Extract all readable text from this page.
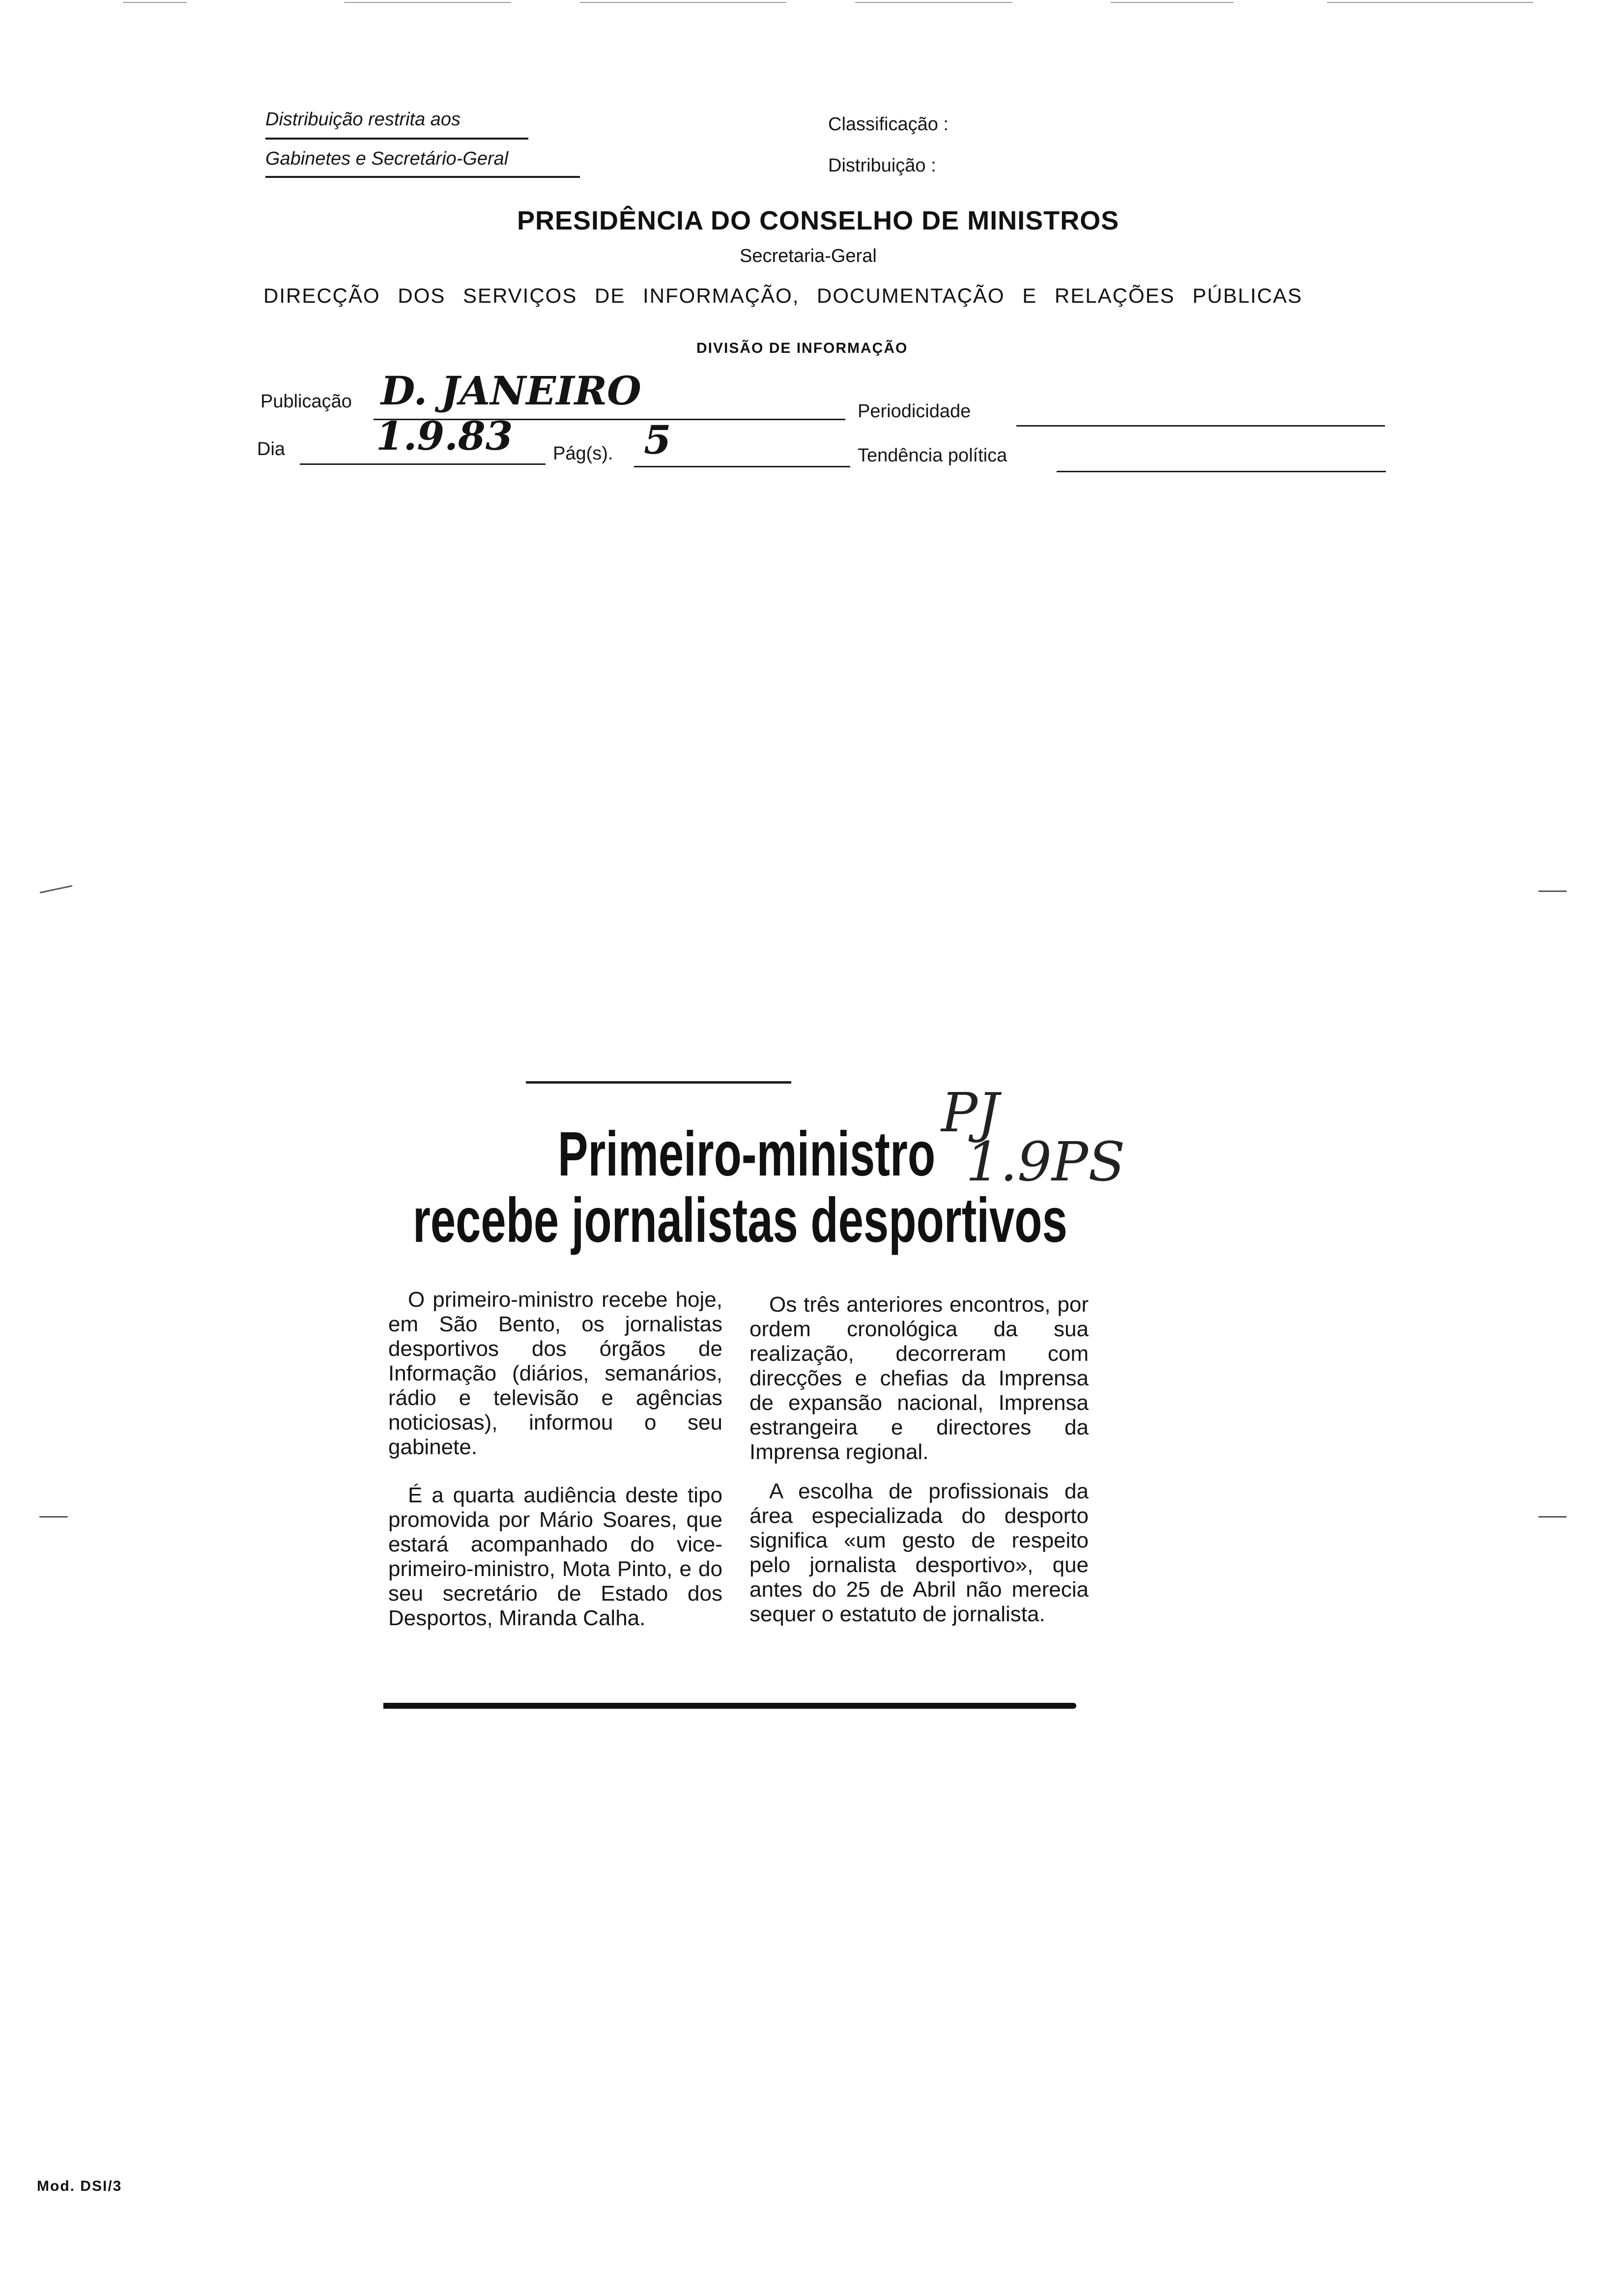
Distribuição restrita aos
Gabinetes e Secretário-Geral
Classificação :
Distribuição :
PRESIDÊNCIA DO CONSELHO DE MINISTROS
Secretaria-Geral
DIRECÇÃO DOS SERVIÇOS DE INFORMAÇÃO, DOCUMENTAÇÃO E RELAÇÕES PÚBLICAS
DIVISÃO DE INFORMAÇÃO
Publicação D. JANEIRO	Periodicidade
Dia 1.9.83 Pág(s). 5	Tendência política
Primeiro-ministro
recebe jornalistas desportivos
PJ
1.9PS

O primeiro-ministro recebe hoje, em São Bento, os jornalistas desportivos dos órgãos de Informação (diários, semanários, rádio e televisão e agências noticiosas), informou o seu gabinete.

É a quarta audiência deste tipo promovida por Mário Soares, que estará acompanhado do vice-primeiro-ministro, Mota Pinto, e do seu secretário de Estado dos Desportos, Miranda Calha.

Os três anteriores encontros, por ordem cronológica da sua realização, decorreram com direcções e chefias da Imprensa de expansão nacional, Imprensa estrangeira e directores da Imprensa regional.

A escolha de profissionais da área especializada do desporto significa «um gesto de respeito pelo jornalista desportivo», que antes do 25 de Abril não merecia sequer o estatuto de jornalista.

Mod. DSI/3
